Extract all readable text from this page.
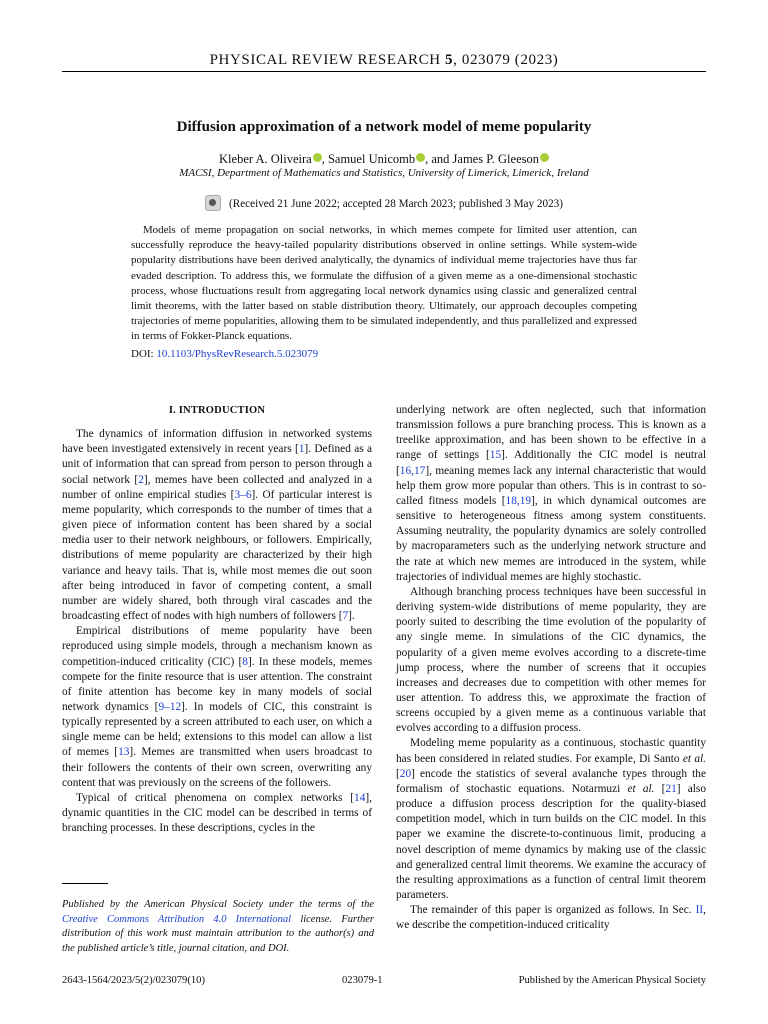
PHYSICAL REVIEW RESEARCH 5, 023079 (2023)
Diffusion approximation of a network model of meme popularity
Kleber A. Oliveira , Samuel Unicomb , and James P. Gleeson
MACSI, Department of Mathematics and Statistics, University of Limerick, Limerick, Ireland
(Received 21 June 2022; accepted 28 March 2023; published 3 May 2023)
Models of meme propagation on social networks, in which memes compete for limited user attention, can successfully reproduce the heavy-tailed popularity distributions observed in online settings. While system-wide popularity distributions have been derived analytically, the dynamics of individual meme trajectories have thus far evaded description. To address this, we formulate the diffusion of a given meme as a one-dimensional stochastic process, whose fluctuations result from aggregating local network dynamics using classic and generalized central limit theorems, with the latter based on stable distribution theory. Ultimately, our approach decouples competing trajectories of meme popularities, allowing them to be simulated independently, and thus parallelized and expressed in terms of Fokker-Planck equations.
DOI: 10.1103/PhysRevResearch.5.023079
I. INTRODUCTION

The dynamics of information diffusion in networked systems have been investigated extensively in recent years [1]. Defined as a unit of information that can spread from person to person through a social network [2], memes have been collected and analyzed in a number of online empirical studies [3–6]. Of particular interest is meme popularity, which corresponds to the number of times that a given piece of information content has been shared by a social media user to their network neighbours, or followers. Empirically, distributions of meme popularity are characterized by their high variance and heavy tails. That is, while most memes die out soon after being introduced in favor of competing content, a small number are widely shared, both through viral cascades and the broadcasting effect of nodes with high numbers of followers [7].

Empirical distributions of meme popularity have been reproduced using simple models, through a mechanism known as competition-induced criticality (CIC) [8]. In these models, memes compete for the finite resource that is user attention. The constraint of finite attention has become key in many models of social network dynamics [9–12]. In models of CIC, this constraint is typically represented by a screen attributed to each user, on which a single meme can be held; extensions to this model can allow a list of memes [13]. Memes are transmitted when users broadcast to their followers the contents of their own screen, overwriting any content that was previously on the screens of the followers.

Typical of critical phenomena on complex networks [14], dynamic quantities in the CIC model can be described in terms of branching processes. In these descriptions, cycles in the

underlying network are often neglected, such that information transmission follows a pure branching process. This is known as a treelike approximation, and has been shown to be effective in a range of settings [15]. Additionally the CIC model is neutral [16,17], meaning memes lack any internal characteristic that would help them grow more popular than others. This is in contrast to so-called fitness models [18,19], in which dynamical outcomes are sensitive to heterogeneous fitness among system constituents. Assuming neutrality, the popularity dynamics are solely controlled by macroparameters such as the underlying network structure and the rate at which new memes are introduced in the system, while trajectories of individual memes are highly stochastic.

Although branching process techniques have been successful in deriving system-wide distributions of meme popularity, they are poorly suited to describing the time evolution of the popularity of any single meme. In simulations of the CIC dynamics, the popularity of a given meme evolves according to a discrete-time jump process, where the number of screens that it occupies increases and decreases due to competition with other memes for user attention. To address this, we approximate the fraction of screens occupied by a given meme as a continuous variable that evolves according to a diffusion process.

Modeling meme popularity as a continuous, stochastic quantity has been considered in related studies. For example, Di Santo et al. [20] encode the statistics of several avalanche types through the formalism of stochastic equations. Notarmuzi et al. [21] also produce a diffusion process description for the quality-biased competition model, which in turn builds on the CIC model. In this paper we examine the discrete-to-continuous limit, producing a novel description of meme dynamics by making use of the classic and generalized central limit theorems. We examine the accuracy of the resulting approximations as a function of central limit theorem parameters.

The remainder of this paper is organized as follows. In Sec. II, we describe the competition-induced criticality

Published by the American Physical Society under the terms of the Creative Commons Attribution 4.0 International license. Further distribution of this work must maintain attribution to the author(s) and the published article’s title, journal citation, and DOI.
2643-1564/2023/5(2)/023079(10)	023079-1	Published by the American Physical Society
